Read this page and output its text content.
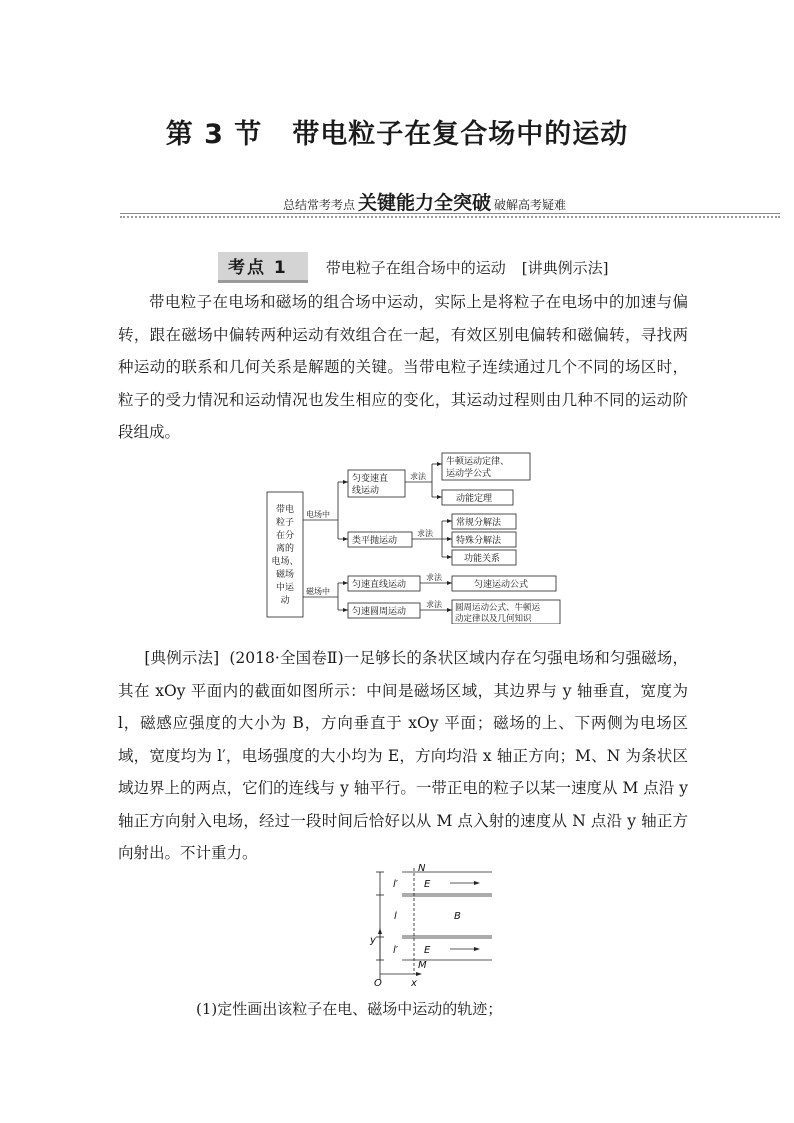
第 3 节 带电粒子在复合场中的运动
总结常考考点 关键能力全突破 破解高考疑难
考点 1	带电粒子在组合场中的运动 [讲典例示法]
带电粒子在电场和磁场的组合场中运动，实际上是将粒子在电场中的加速与偏转，跟在磁场中偏转两种运动有效组合在一起，有效区别电偏转和磁偏转，寻找两种运动的联系和几何关系是解题的关键。当带电粒子连续通过几个不同的场区时，粒子的受力情况和运动情况也发生相应的变化，其运动过程则由几种不同的运动阶段组成。
带电
粒子
在分
离的
电场、
磁场
中运
动
电场中
磁场中
匀变速直
线运动
类平抛运动
匀速直线运动
匀速圆周运动
求法
求法
求法
求法
牛顿运动定律、
运动学公式
动能定理
常规分解法
特殊分解法
功能关系
匀速运动公式
圆周运动公式、牛顿运
动定律以及几何知识
[典例示法] (2018·全国卷Ⅱ)一足够长的条状区域内存在匀强电场和匀强磁场，其在 xOy 平面内的截面如图所示：中间是磁场区域，其边界与 y 轴垂直，宽度为 l，磁感应强度的大小为 B，方向垂直于 xOy 平面；磁场的上、下两侧为电场区域，宽度均为 l′，电场强度的大小均为 E，方向均沿 x 轴正方向；M、N 为条状区域边界上的两点，它们的连线与 y 轴平行。一带正电的粒子以某一速度从 M 点沿 y 轴正方向射入电场，经过一段时间后恰好以从 M 点入射的速度从 N 点沿 y 轴正方向射出。不计重力。
N
M
E
E
B
l′
l
l′
y
x
O
(1)定性画出该粒子在电、磁场中运动的轨迹；
